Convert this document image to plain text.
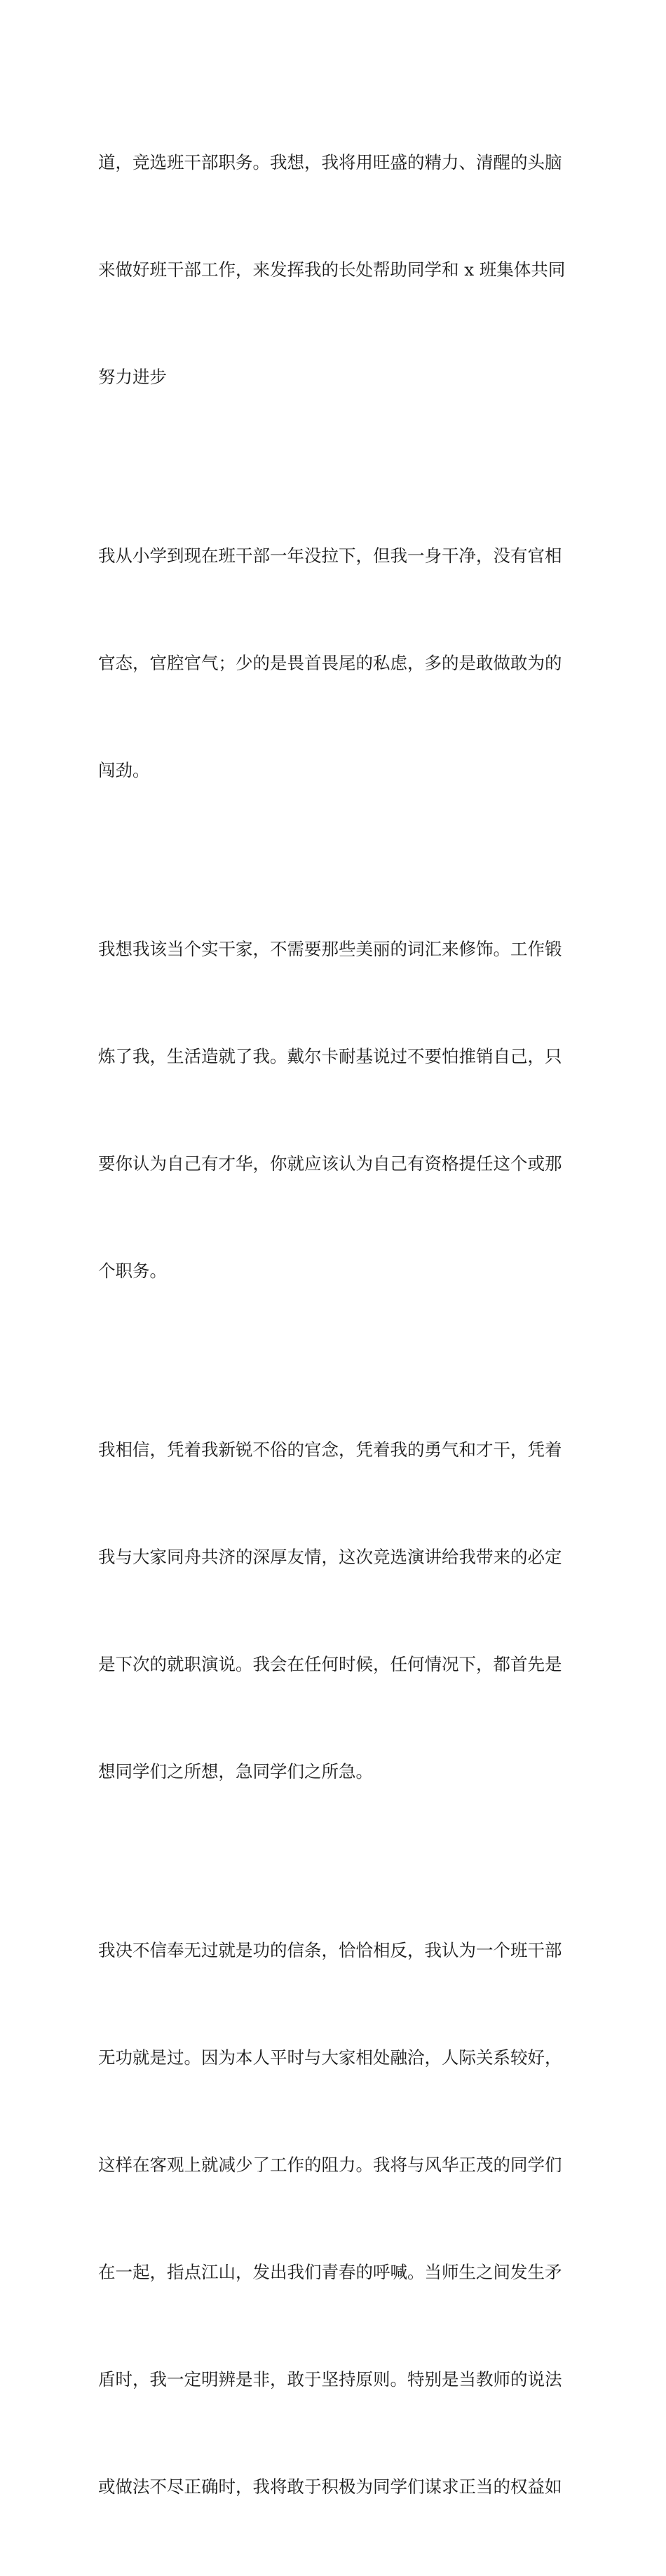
道，竞选班干部职务。我想，我将用旺盛的精力、清醒的头脑

来做好班干部工作，来发挥我的长处帮助同学和 x 班集体共同

努力进步

我从小学到现在班干部一年没拉下，但我一身干净，没有官相

官态，官腔官气；少的是畏首畏尾的私虑，多的是敢做敢为的

闯劲。

我想我该当个实干家，不需要那些美丽的词汇来修饰。工作锻

炼了我，生活造就了我。戴尔卡耐基说过不要怕推销自己，只

要你认为自己有才华，你就应该认为自己有资格提任这个或那

个职务。

我相信，凭着我新锐不俗的官念，凭着我的勇气和才干，凭着

我与大家同舟共济的深厚友情，这次竞选演讲给我带来的必定

是下次的就职演说。我会在任何时候，任何情况下，都首先是

想同学们之所想，急同学们之所急。

我决不信奉无过就是功的信条，恰恰相反，我认为一个班干部

无功就是过。因为本人平时与大家相处融洽，人际关系较好，

这样在客观上就减少了工作的阻力。我将与风华正茂的同学们

在一起，指点江山，发出我们青春的呼喊。当师生之间发生矛

盾时，我一定明辨是非，敢于坚持原则。特别是当教师的说法

或做法不尽正确时，我将敢于积极为同学们谋求正当的权益如
